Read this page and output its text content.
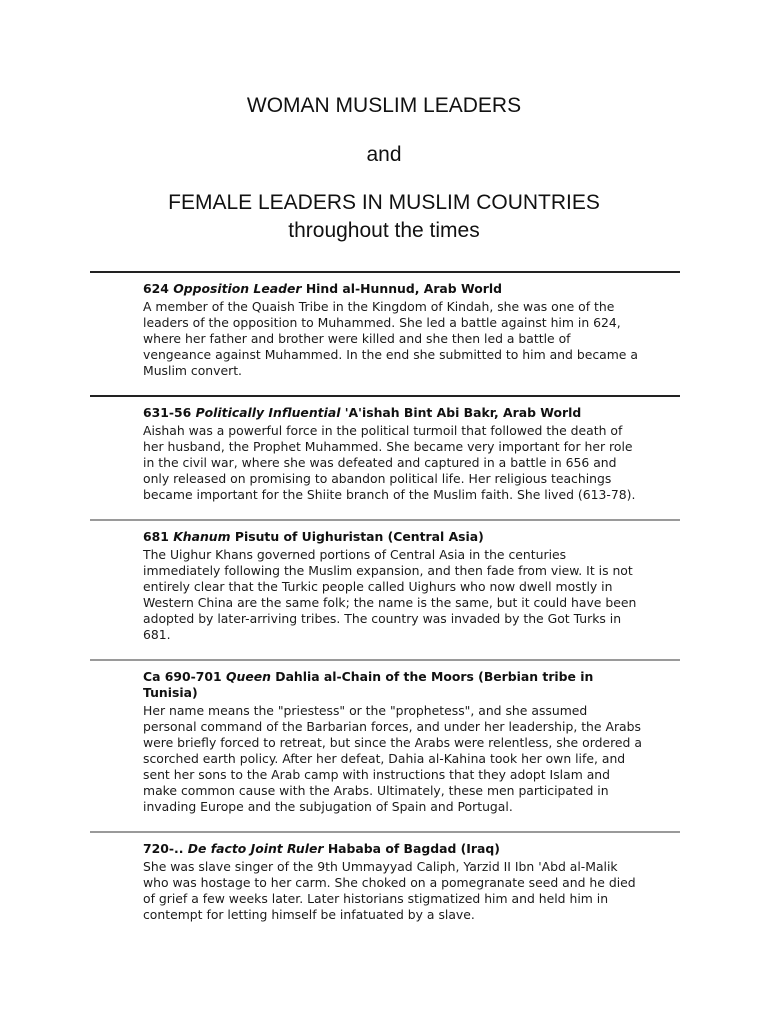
WOMAN MUSLIM LEADERS
and
FEMALE LEADERS IN MUSLIM COUNTRIES
throughout the times
624 Opposition Leader Hind al-Hunnud, Arab World
A member of the Quaish Tribe in the Kingdom of Kindah, she was one of the leaders of the opposition to Muhammed. She led a battle against him in 624, where her father and brother were killed and she then led a battle of vengeance against Muhammed. In the end she submitted to him and became a Muslim convert.
631-56 Politically Influential 'A'ishah Bint Abi Bakr, Arab World
Aishah was a powerful force in the political turmoil that followed the death of her husband, the Prophet Muhammed. She became very important for her role in the civil war, where she was defeated and captured in a battle in 656 and only released on promising to abandon political life. Her religious teachings became important for the Shiite branch of the Muslim faith. She lived (613-78).
681 Khanum Pisutu of Uighuristan (Central Asia)
The Uighur Khans governed portions of Central Asia in the centuries immediately following the Muslim expansion, and then fade from view. It is not entirely clear that the Turkic people called Uighurs who now dwell mostly in Western China are the same folk; the name is the same, but it could have been adopted by later-arriving tribes. The country was invaded by the Got Turks in 681.
Ca 690-701 Queen Dahlia al-Chain of the Moors (Berbian tribe in Tunisia)
Her name means the "priestess" or the "prophetess", and she assumed personal command of the Barbarian forces, and under her leadership, the Arabs were briefly forced to retreat, but since the Arabs were relentless, she ordered a scorched earth policy. After her defeat, Dahia al-Kahina took her own life, and sent her sons to the Arab camp with instructions that they adopt Islam and make common cause with the Arabs. Ultimately, these men participated in invading Europe and the subjugation of Spain and Portugal.
720-.. De facto Joint Ruler Hababa of Bagdad (Iraq)
She was slave singer of the 9th Ummayyad Caliph, Yarzid II Ibn 'Abd al-Malik who was hostage to her carm. She choked on a pomegranate seed and he died of grief a few weeks later. Later historians stigmatized him and held him in contempt for letting himself be infatuated by a slave.
